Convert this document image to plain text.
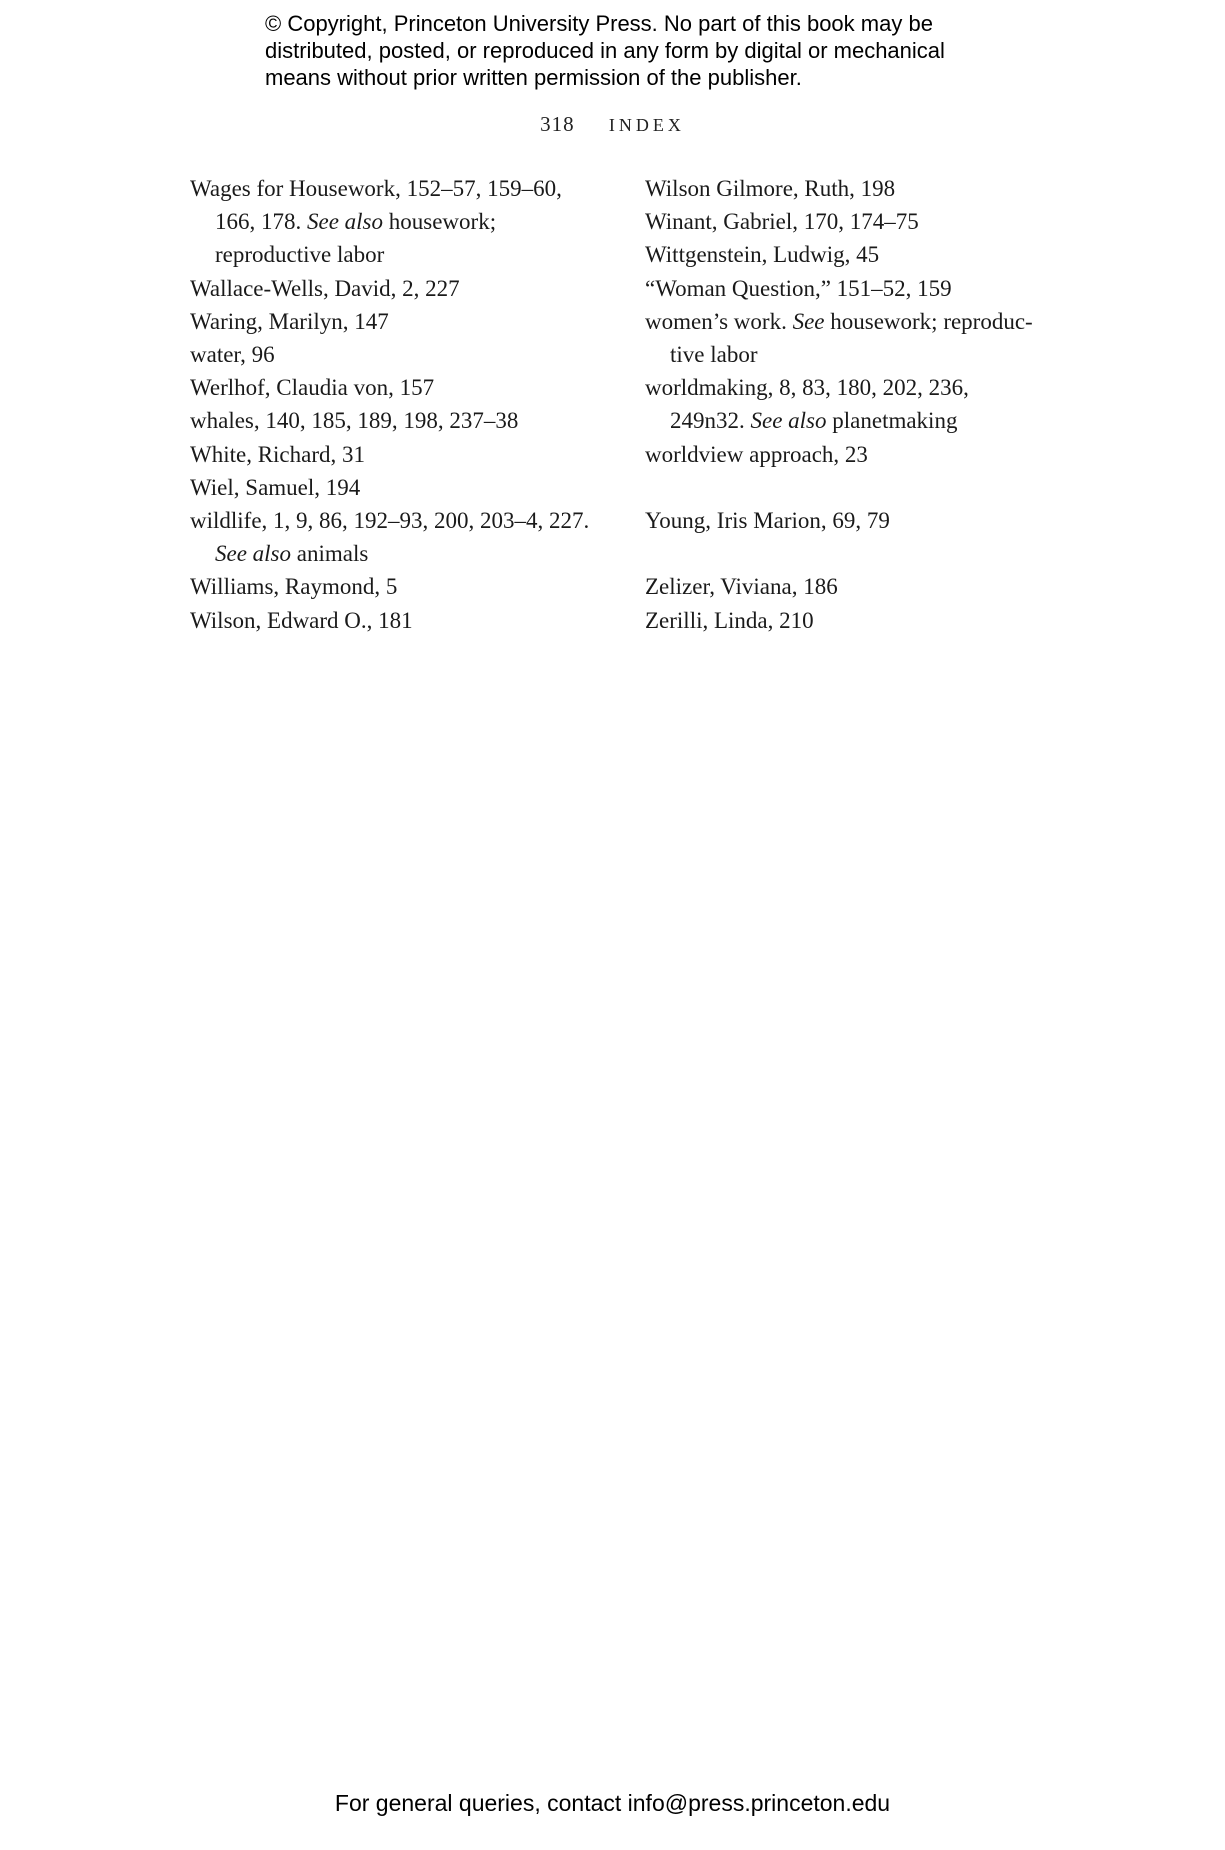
© Copyright, Princeton University Press. No part of this book may be
distributed, posted, or reproduced in any form by digital or mechanical
means without prior written permission of the publisher.
318 INDEX

Wages for Housework, 152–57, 159–60, 166, 178. See also housework; reproductive labor

Wallace-Wells, David, 2, 227

Waring, Marilyn, 147

water, 96

Werlhof, Claudia von, 157

whales, 140, 185, 189, 198, 237–38

White, Richard, 31

Wiel, Samuel, 194

wildlife, 1, 9, 86, 192–93, 200, 203–4, 227. See also animals

Williams, Raymond, 5

Wilson, Edward O., 181

Wilson Gilmore, Ruth, 198

Winant, Gabriel, 170, 174–75

Wittgenstein, Ludwig, 45

“Woman Question,” 151–52, 159

women’s work. See housework; reproduc-tive labor

worldmaking, 8, 83, 180, 202, 236, 249n32. See also planetmaking

worldview approach, 23

Young, Iris Marion, 69, 79

Zelizer, Viviana, 186

Zerilli, Linda, 210

For general queries, contact info@press.princeton.edu
